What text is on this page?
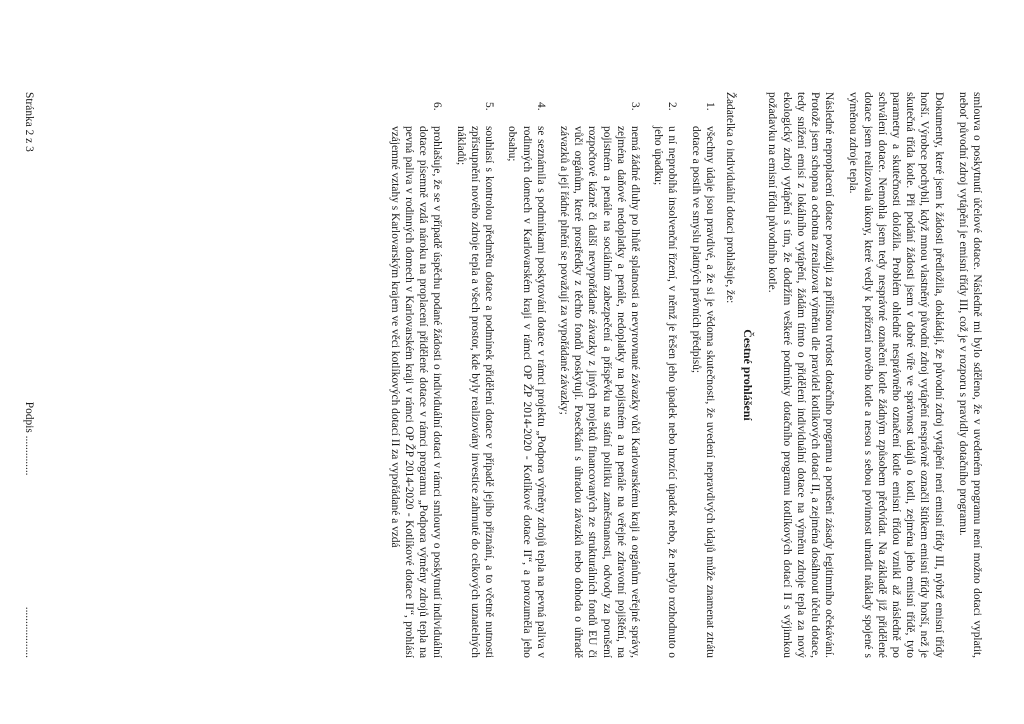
smlouva o poskytnutí účelové dotace. Následně mi bylo sděleno, že v uvedeném programu není možno dotaci vyplatit, neboť původní zdroj vytápění je emisní třídy III, což je v rozporu s pravidly dotačního programu.

Dokumenty, které jsem k žádosti předložila, dokládají, že původní zdroj vytápění není emisní třídy III, nýbrž emisní třídy horší. Výrobce pochybil, když mnou vlastněný původní zdroj vytápění nesprávně označil štítkem emisní třídy horší, než je skutečná třída kotle. Při podání žádosti jsem v dobré víře ve správnost údajů o kotli, zejména jeho emisní třídě, tyto parametry a skutečnosti doložila. Problém ohledně nesprávného označení kotle emisní třídou vznikl až následně po schválení dotace. Nemohla jsem tedy nesprávné označení kotle žádným způsobem předvídat. Na základě již přidělené dotace jsem realizovala úkony, které vedly k pořízení nového kotle a nesou s sebou povinnost uhradit náklady spojené s výměnou zdroje tepla.

Následné neproplacení dotace považuji za přílišnou tvrdost dotačního programu a porušení zásady legitimního očekávání. Protože jsem schopna a ochotna zrealizovat výměnu dle pravidel kotlíkových dotací II, a zejména dosáhnout účelu dotace, tedy snížení emisí z lokálního vytápění, žádám tímto o přidělení individuální dotace na výměnu zdroje tepla za nový ekologický zdroj vytápění s tím, že dodržím veškeré podmínky dotačního programu kotlíkových dotací II s výjimkou požadavku na emisní třídu původního kotle.

Čestné prohlášení

Žadatelka o individuální dotaci prohlašuje, že:

1.
všechny údaje jsou pravdivé, a že si je vědoma skutečnosti, že uvedení nepravdivých údajů může znamenat ztrátu dotace a postih ve smyslu platných právních předpisů;
2.
u ní neprobíhá insolvenční řízení, v němž je řešen jeho úpadek nebo hrozící úpadek nebo, že nebylo rozhodnuto o jeho úpadku;
3.
nemá žádné dluhy po lhůtě splatnosti a nevyrovnané závazky vůči Karlovarskému kraji a orgánům veřejné správy, zejména daňové nedoplatky a penále, nedoplatky na pojistném a na penále na veřejné zdravotní pojištění, na pojistném a penále na sociálním zabezpečení a příspěvku na státní politiku zaměstnanosti, odvody za porušení rozpočtové kázně či další nevypořádané závazky z jiných projektů financovaných ze strukturálních fondů EU či vůči orgánům, které prostředky z těchto fondů poskytují. Posečkání s úhradou závazků nebo dohoda o úhradě závazků a její řádné plnění se považují za vypořádané závazky;
4.
se seznámila s podmínkami poskytování dotace v rámci projektu „Podpora výměny zdrojů tepla na pevná paliva v rodinných domech v Karlovarském kraji v rámci OP ŽP 2014-2020 - Kotlíkové dotace II“, a porozuměla jeho obsahu;
5.
souhlasí s kontrolou předmětu dotace a podmínek přidělení dotace v případě jejího přiznání, a to včetně nutnosti zpřístupnění nového zdroje tepla a všech prostor, kde byly realizovány investice zahrnuté do celkových uznatelných nákladů;
6.
prohlašuje, že se v případě úspěchu podané žádosti o individuální dotaci v rámci smlouvy o poskytnutí individuální dotace písemně vzdá nároku na proplacení přidělené dotace v rámci programu „Podpora výměny zdrojů tepla na pevná paliva v rodinných domech v Karlovarském kraji v rámci OP ŽP 2014-2020 - Kotlíkové dotace II“, prohlásí vzájemné vztahy s Karlovarským krajem ve věci kotlíkových dotací II za vypořádané a vzdá
Stránka 2 z 3
Podpis ..............
..................
